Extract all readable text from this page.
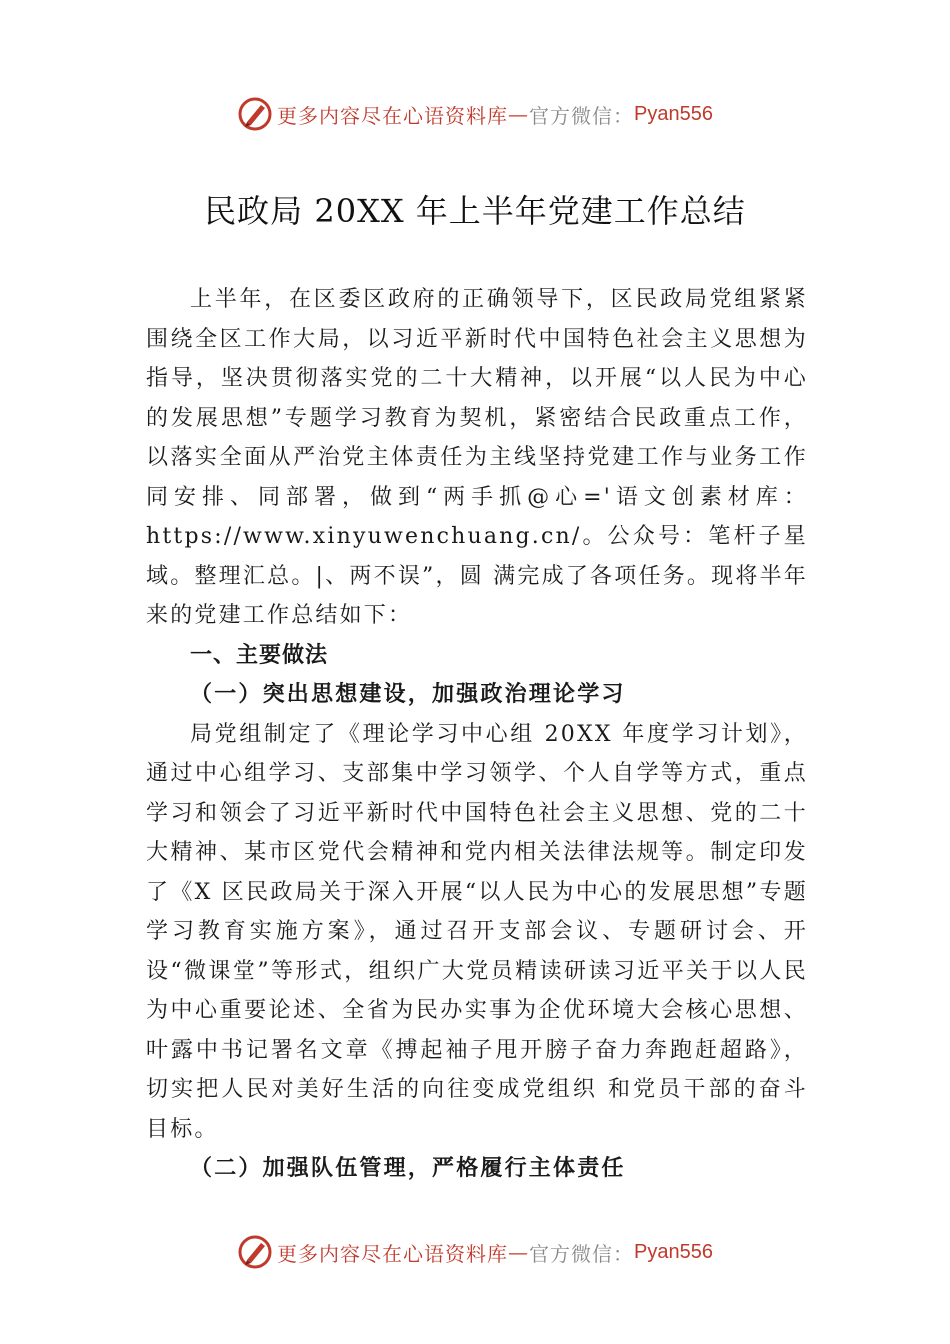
更多内容尽在心语资料库 — 官方微信： Pyan556
民政局 20XX 年上半年党建工作总结

上半年，在区委区政府的正确领导下，区民政局党组紧紧围绕全区工作大局，以习近平新时代中国特色社会主义思想为指导，坚决贯彻落实党的二十大精神，以开展“以人民为中心的发展思想”专题学习教育为契机，紧密结合民政重点工作，以落实全面从严治党主体责任为主线坚持党建工作与业务工作同安排、同部署，做到“两手抓@心='语文创素材库：https://www.xinyuwenchuang.cn/。公众号：笔杆子星域。整理汇总。|、两不误”，圆 满完成了各项任务。现将半年来的党建工作总结如下：

一、主要做法
（一）突出思想建设，加强政治理论学习

局党组制定了《理论学习中心组 20XX 年度学习计划》，通过中心组学习、支部集中学习领学、个人自学等方式，重点学习和领会了习近平新时代中国特色社会主义思想、党的二十大精神、某市区党代会精神和党内相关法律法规等。制定印发了《X 区民政局关于深入开展“以人民为中心的发展思想”专题学习教育实施方案》，通过召开支部会议、专题研讨会、开设“微课堂”等形式，组织广大党员精读研读习近平关于以人民为中心重要论述、全省为民办实事为企优环境大会核心思想、叶露中书记署名文章《搏起袖子甩开膀子奋力奔跑赶超路》，切实把人民对美好生活的向往变成党组织 和党员干部的奋斗目标。

（二）加强队伍管理，严格履行主体责任
更多内容尽在心语资料库 — 官方微信： Pyan556
